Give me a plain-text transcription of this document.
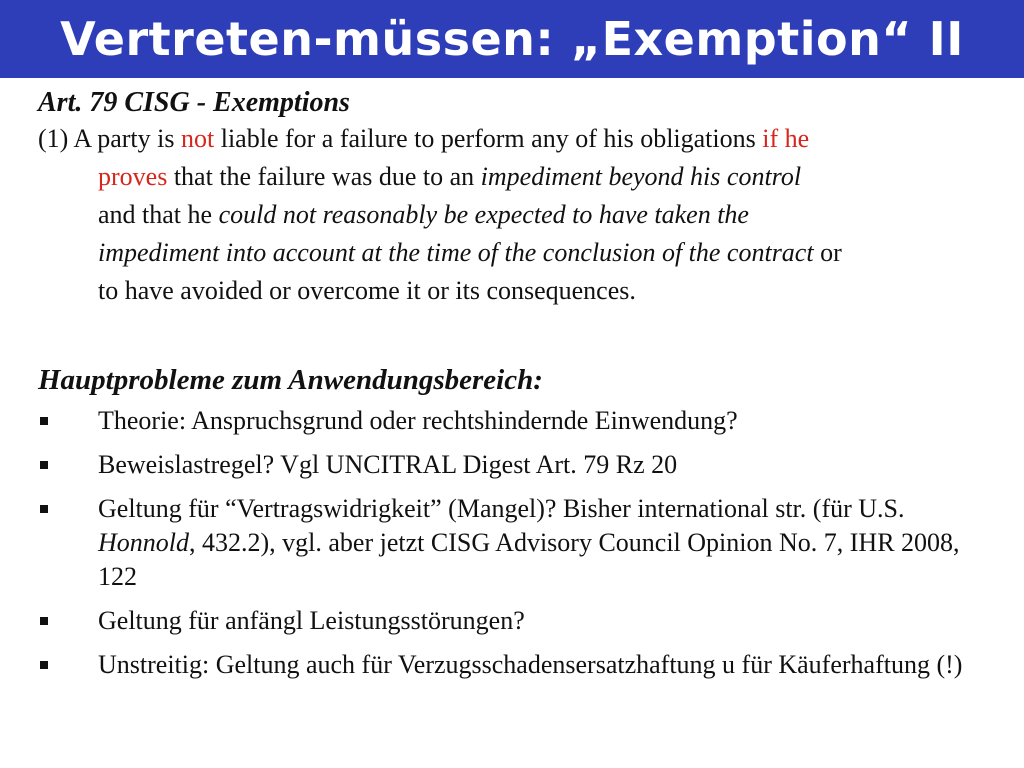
Vertreten-müssen: „Exemption“ II
Art. 79 CISG - Exemptions
(1) A party is not liable for a failure to perform any of his obligations if he
proves that the failure was due to an impediment beyond his control
and that he could not reasonably be expected to have taken the
impediment into account at the time of the conclusion of the contract or
to have avoided or overcome it or its consequences.
Hauptprobleme zum Anwendungsbereich:
Theorie: Anspruchsgrund oder rechtshindernde Einwendung?
Beweislastregel? Vgl UNCITRAL Digest Art. 79 Rz 20
Geltung für “Vertragswidrigkeit” (Mangel)? Bisher international str. (für U.S. Honnold, 432.2), vgl. aber jetzt CISG Advisory Council Opinion No. 7, IHR 2008, 122
Geltung für anfängl Leistungsstörungen?
Unstreitig: Geltung auch für Verzugsschadensersatzhaftung u für Käuferhaftung (!)
